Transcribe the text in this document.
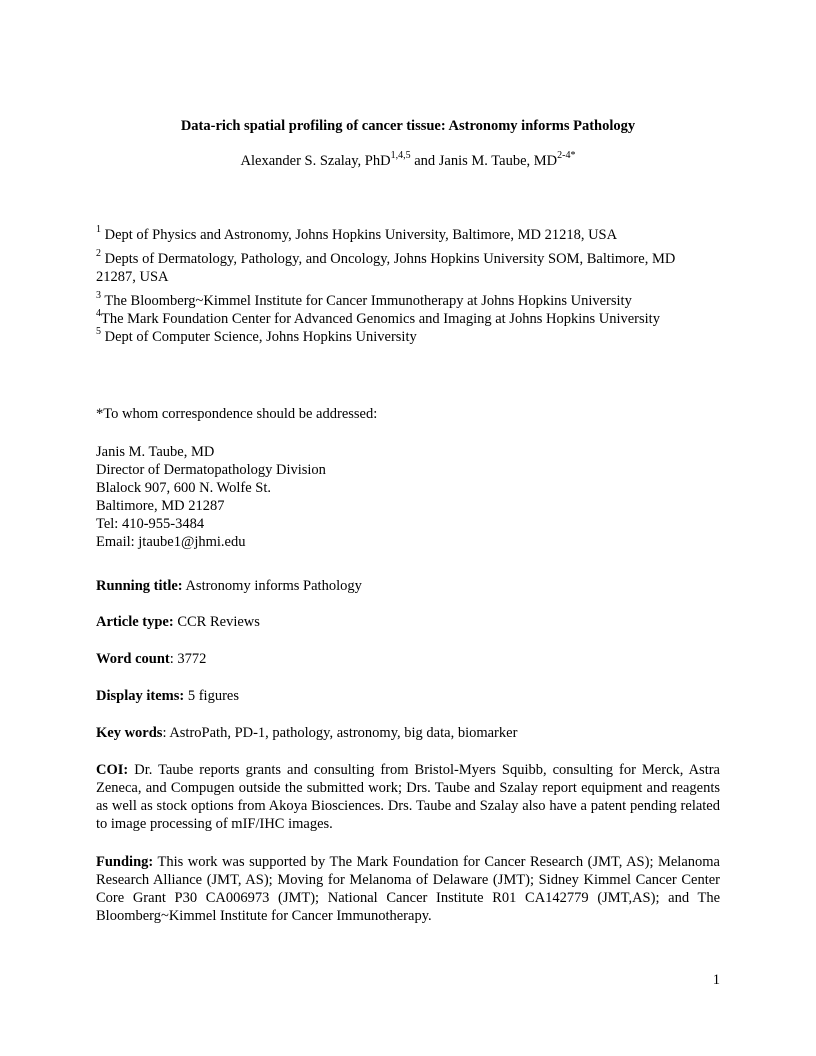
Data-rich spatial profiling of cancer tissue: Astronomy informs Pathology
Alexander S. Szalay, PhD$^{1,4,5}$ and Janis M. Taube, $MD^{2-4*}$
$^1$ Dept of Physics and Astronomy, Johns Hopkins University, Baltimore, MD 21218, USA
$^2$ Depts of Dermatology, Pathology, and Oncology, Johns Hopkins University SOM, Baltimore, MD 21287, USA
$^3$ The Bloomberg~Kimmel Institute for Cancer Immunotherapy at Johns Hopkins University
$^4$The Mark Foundation Center for Advanced Genomics and Imaging at Johns Hopkins University
$^5$ Dept of Computer Science, Johns Hopkins University
*To whom correspondence should be addressed:
Janis M. Taube, MD
Director of Dermatopathology Division
Blalock 907, 600 N. Wolfe St.
Baltimore, MD 21287
Tel: 410-955-3484
Email: jtaube1@jhmi.edu
Running title: Astronomy informs Pathology
Article type: CCR Reviews
Word count: 3772
Display items: 5 figures
Key words: AstroPath, PD-1, pathology, astronomy, big data, biomarker
COI: Dr. Taube reports grants and consulting from Bristol-Myers Squibb, consulting for Merck, Astra Zeneca, and Compugen outside the submitted work; Drs. Taube and Szalay report equipment and reagents as well as stock options from Akoya Biosciences. Drs. Taube and Szalay also have a patent pending related to image processing of mIF/IHC images.
Funding: This work was supported by The Mark Foundation for Cancer Research (JMT, AS); Melanoma Research Alliance (JMT, AS); Moving for Melanoma of Delaware (JMT); Sidney Kimmel Cancer Center Core Grant P30 CA006973 (JMT); National Cancer Institute R01 CA142779 (JMT,AS); and The Bloomberg~Kimmel Institute for Cancer Immunotherapy.
1
